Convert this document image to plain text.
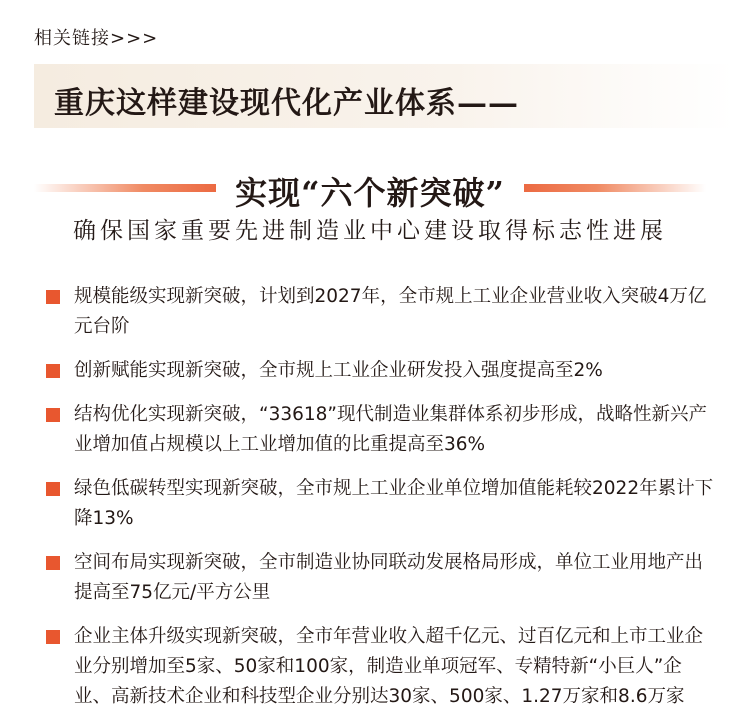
相关链接>>>
重庆这样建设现代化产业体系——
实现“六个新突破”
确保国家重要先进制造业中心建设取得标志性进展
规模能级实现新突破，计划到2027年，全市规上工业企业营业收入突破4万亿元台阶
创新赋能实现新突破，全市规上工业企业研发投入强度提高至2%
结构优化实现新突破，“33618”现代制造业集群体系初步形成，战略性新兴产业增加值占规模以上工业增加值的比重提高至36%
绿色低碳转型实现新突破，全市规上工业企业单位增加值能耗较2022年累计下降13%
空间布局实现新突破，全市制造业协同联动发展格局形成，单位工业用地产出提高至75亿元/平方公里
企业主体升级实现新突破，全市年营业收入超千亿元、过百亿元和上市工业企业分别增加至5家、50家和100家，制造业单项冠军、专精特新“小巨人”企业、高新技术企业和科技型企业分别达30家、500家、1.27万家和8.6万家
